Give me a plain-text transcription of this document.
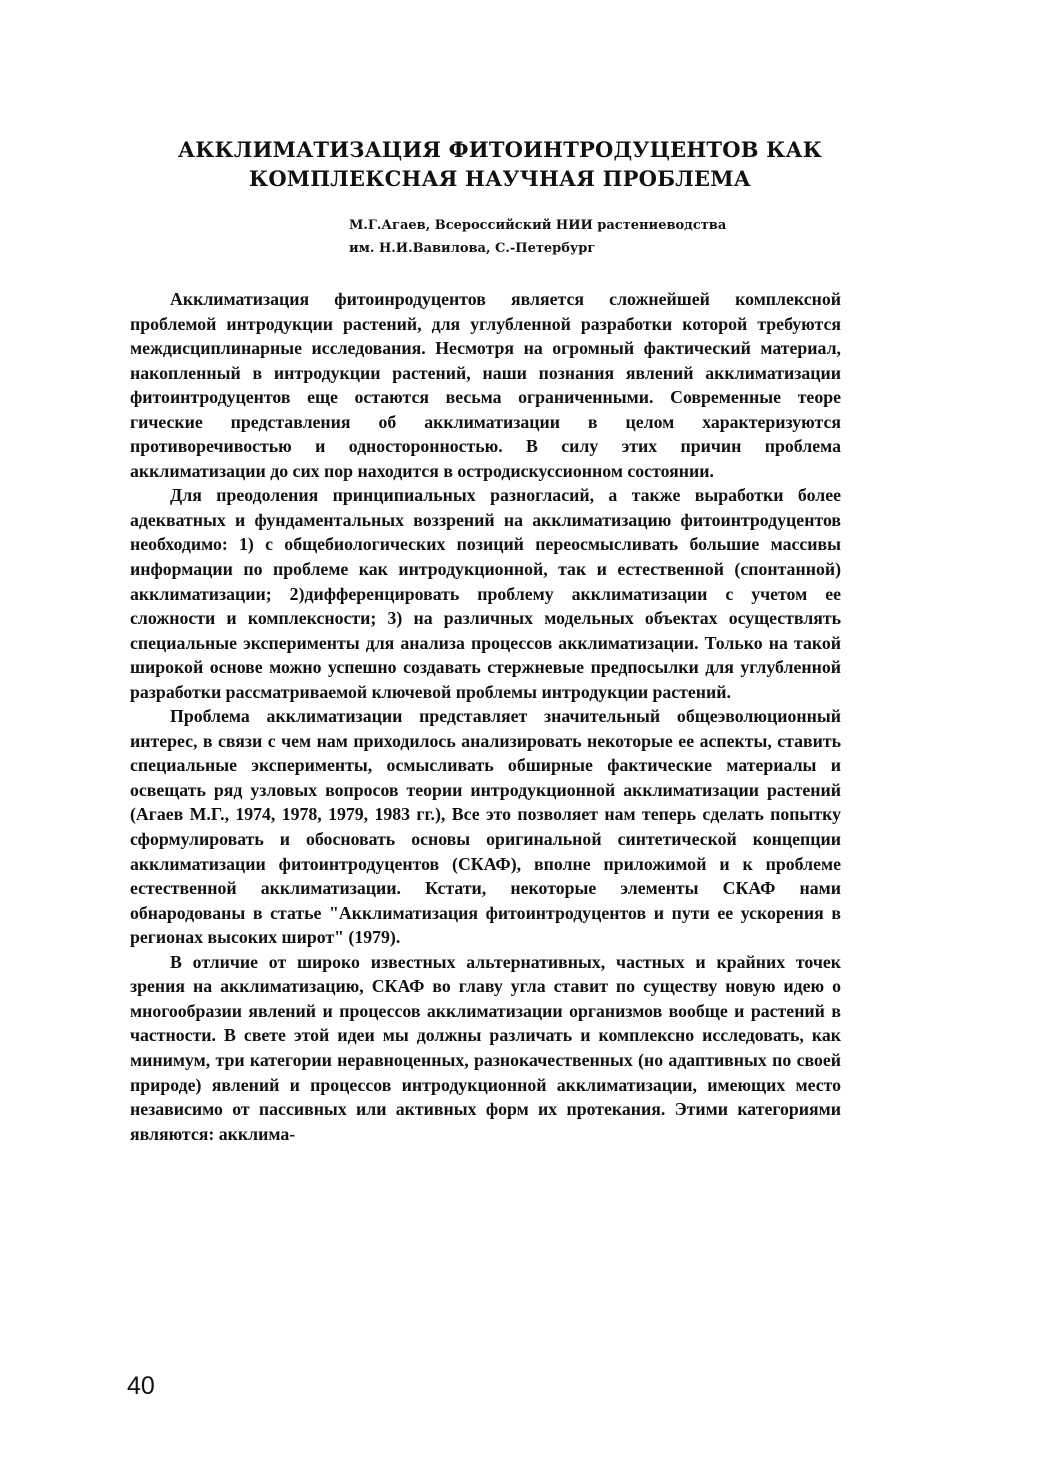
АККЛИМАТИЗАЦИЯ ФИТОИНТРОДУЦЕНТОВ КАК
КОМПЛЕКСНАЯ НАУЧНАЯ ПРОБЛЕМА
М.Г.Агаев, Всероссийский НИИ растениеводства
им. Н.И.Вавилова, С.-Петербург

Акклиматизация фитоинродуцентов является сложнейшей комплексной проблемой интродукции растений, для углубленной разработки которой требуются междисциплинарные исследования. Несмотря на огромный фактический материал, накопленный в интродукции растений, наши познания явлений акклиматизации фитоинтродуцентов еще остаются весьма ограниченными. Современные теоре гические представления об акклиматизации в целом характеризуются противоречивостью и односторонностью. В силу этих причин проблема акклиматизации до сих пор находится в остродискуссионном состоянии.

Для преодоления принципиальных разногласий, а также выработки более адекватных и фундаментальных воззрений на акклиматизацию фитоинтродуцентов необходимо: 1) с общебиологических позиций переосмысливать большие массивы информации по проблеме как интродукционной, так и естественной (спонтанной) акклиматизации; 2)дифференцировать проблему акклиматизации с учетом ее сложности и комплексности; 3) на различных модельных объектах осуществлять специальные эксперименты для анализа процессов акклиматизации. Только на такой широкой основе можно успешно создавать стержневые предпосылки для углубленной разработки рассматриваемой ключевой проблемы интродукции растений.

Проблема акклиматизации представляет значительный общеэволюционный интерес, в связи с чем нам приходилось анализировать некоторые ее аспекты, ставить специальные эксперименты, осмысливать обширные фактические материалы и освещать ряд узловых вопросов теории интродукционной акклиматизации растений (Агаев М.Г., 1974, 1978, 1979, 1983 гг.), Все это позволяет нам теперь сделать попытку сформулировать и обосновать основы оригинальной синтетической концепции акклиматизации фитоинтродуцентов (СКАФ), вполне приложимой и к проблеме естественной акклиматизации. Кстати, некоторые элементы СКАФ нами обнародованы в статье "Акклиматизация фитоинтродуцентов и пути ее ускорения в регионах высоких широт" (1979).

В отличие от широко известных альтернативных, частных и крайних точек зрения на акклиматизацию, СКАФ во главу угла ставит по существу новую идею о многообразии явлений и процессов акклиматизации организмов вообще и растений в частности. В свете этой идеи мы должны различать и комплексно исследовать, как минимум, три категории неравноценных, разнокачественных (но адаптивных по своей природе) явлений и процессов интродукционной акклиматизации, имеющих место независимо от пассивных или активных форм их протекания. Этими категориями являются: акклима-

40
